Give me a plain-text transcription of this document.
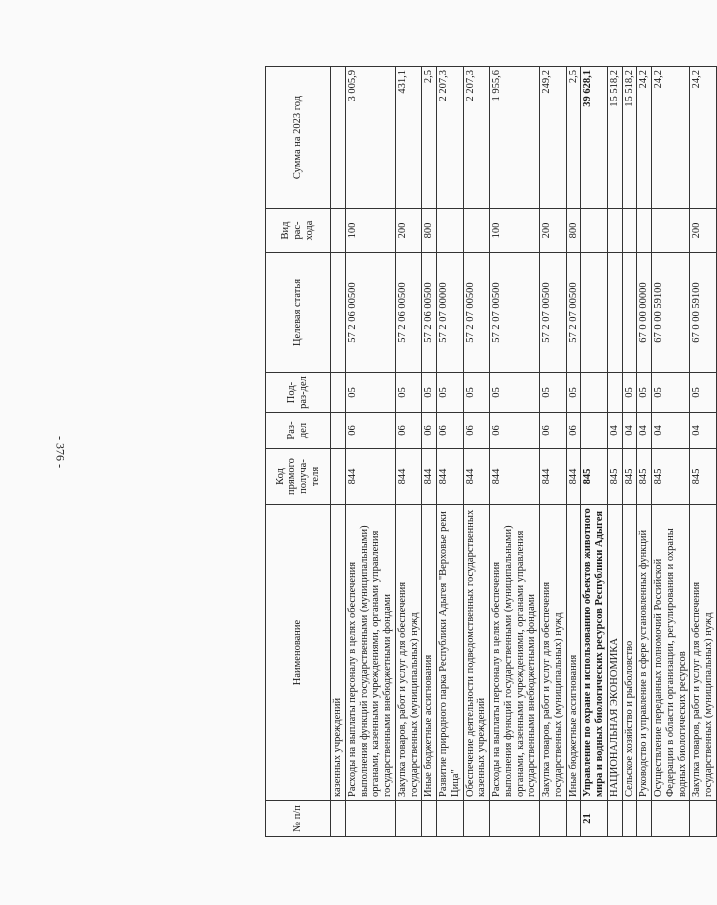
- 376 -
№ п/п	Наименование	Код прямого получа-теля	Раз-дел	Под-раз-дел	Целевая статья	Вид рас-хода	Сумма на 2023 год
	казенных учреждений						
	Расходы на выплаты персоналу в целях обеспечения выполнения функций государственными (муниципальными) органами, казенными учреждениями, органами управления государственными внебюджетными фондами	844	06	05	57 2 06 00500	100	3 005,9
	Закупка товаров, работ и услуг для обеспечения государственных (муниципальных) нужд	844	06	05	57 2 06 00500	200	431,1
	Иные бюджетные ассигнования	844	06	05	57 2 06 00500	800	2,5
	Развитие природного парка Республики Адыгея "Верховье реки Цица"	844	06	05	57 2 07 00000		2 207,3
	Обеспечение деятельности подведомственных государственных казенных учреждений	844	06	05	57 2 07 00500		2 207,3
	Расходы на выплаты персоналу в целях обеспечения выполнения функций государственными (муниципальными) органами, казенными учреждениями, органами управления государственными внебюджетными фондами	844	06	05	57 2 07 00500	100	1 955,6
	Закупка товаров, работ и услуг для обеспечения государственных (муниципальных) нужд	844	06	05	57 2 07 00500	200	249,2
	Иные бюджетные ассигнования	844	06	05	57 2 07 00500	800	2,5
21	Управление по охране и использованию объектов животного мира и водных биологических ресурсов Республики Адыгея	845					39 628,1
	НАЦИОНАЛЬНАЯ ЭКОНОМИКА	845	04				15 518,2
	Сельское хозяйство и рыболовство	845	04	05			15 518,2
	Руководство и управление в сфере установленных функций	845	04	05	67 0 00 00000		24,2
	Осуществление переданных полномочий Российской Федерации в области организации, регулирования и охраны водных биологических ресурсов	845	04	05	67 0 00 59100		24,2
	Закупка товаров, работ и услуг для обеспечения государственных (муниципальных) нужд	845	04	05	67 0 00 59100	200	24,2
